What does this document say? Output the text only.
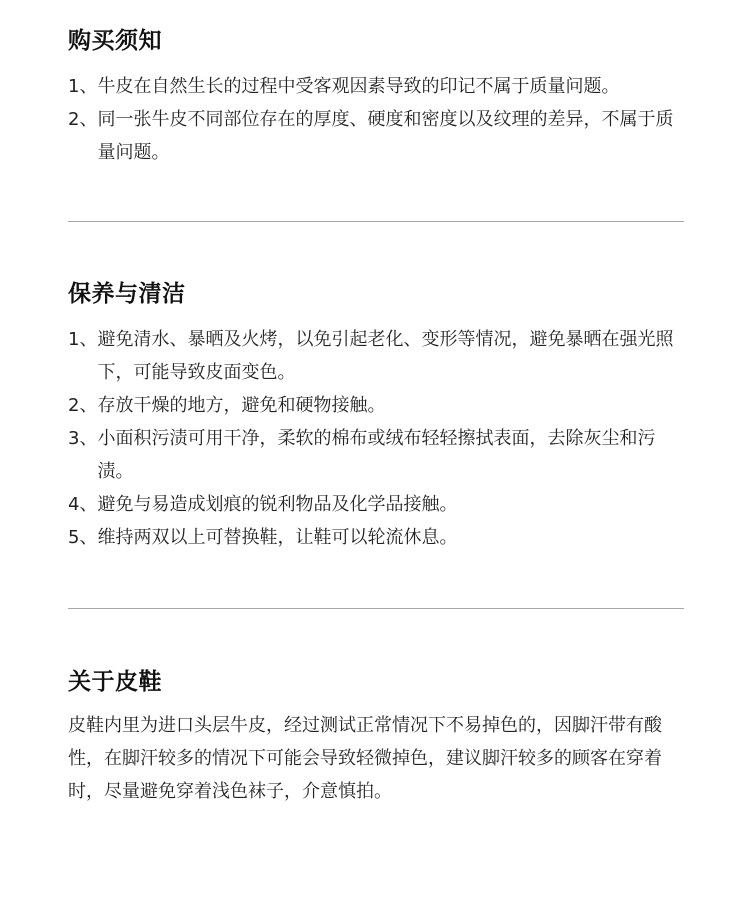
购买须知
1、 牛皮在自然生长的过程中受客观因素导致的印记不属于质量问题。
2、 同一张牛皮不同部位存在的厚度、硬度和密度以及纹理的差异，不属于质量问题。
保养与清洁
1、 避免清水、暴晒及火烤，以免引起老化、变形等情况，避免暴晒在强光照下，可能导致皮面变色。
2、 存放干燥的地方，避免和硬物接触。
3、 小面积污渍可用干净，柔软的棉布或绒布轻轻擦拭表面，去除灰尘和污渍。
4、 避免与易造成划痕的锐利物品及化学品接触。
5、 维持两双以上可替换鞋，让鞋可以轮流休息。
关于皮鞋

皮鞋内里为进口头层牛皮，经过测试正常情况下不易掉色的，因脚汗带有酸性，在脚汗较多的情况下可能会导致轻微掉色，建议脚汗较多的顾客在穿着时，尽量避免穿着浅色袜子，介意慎拍。
